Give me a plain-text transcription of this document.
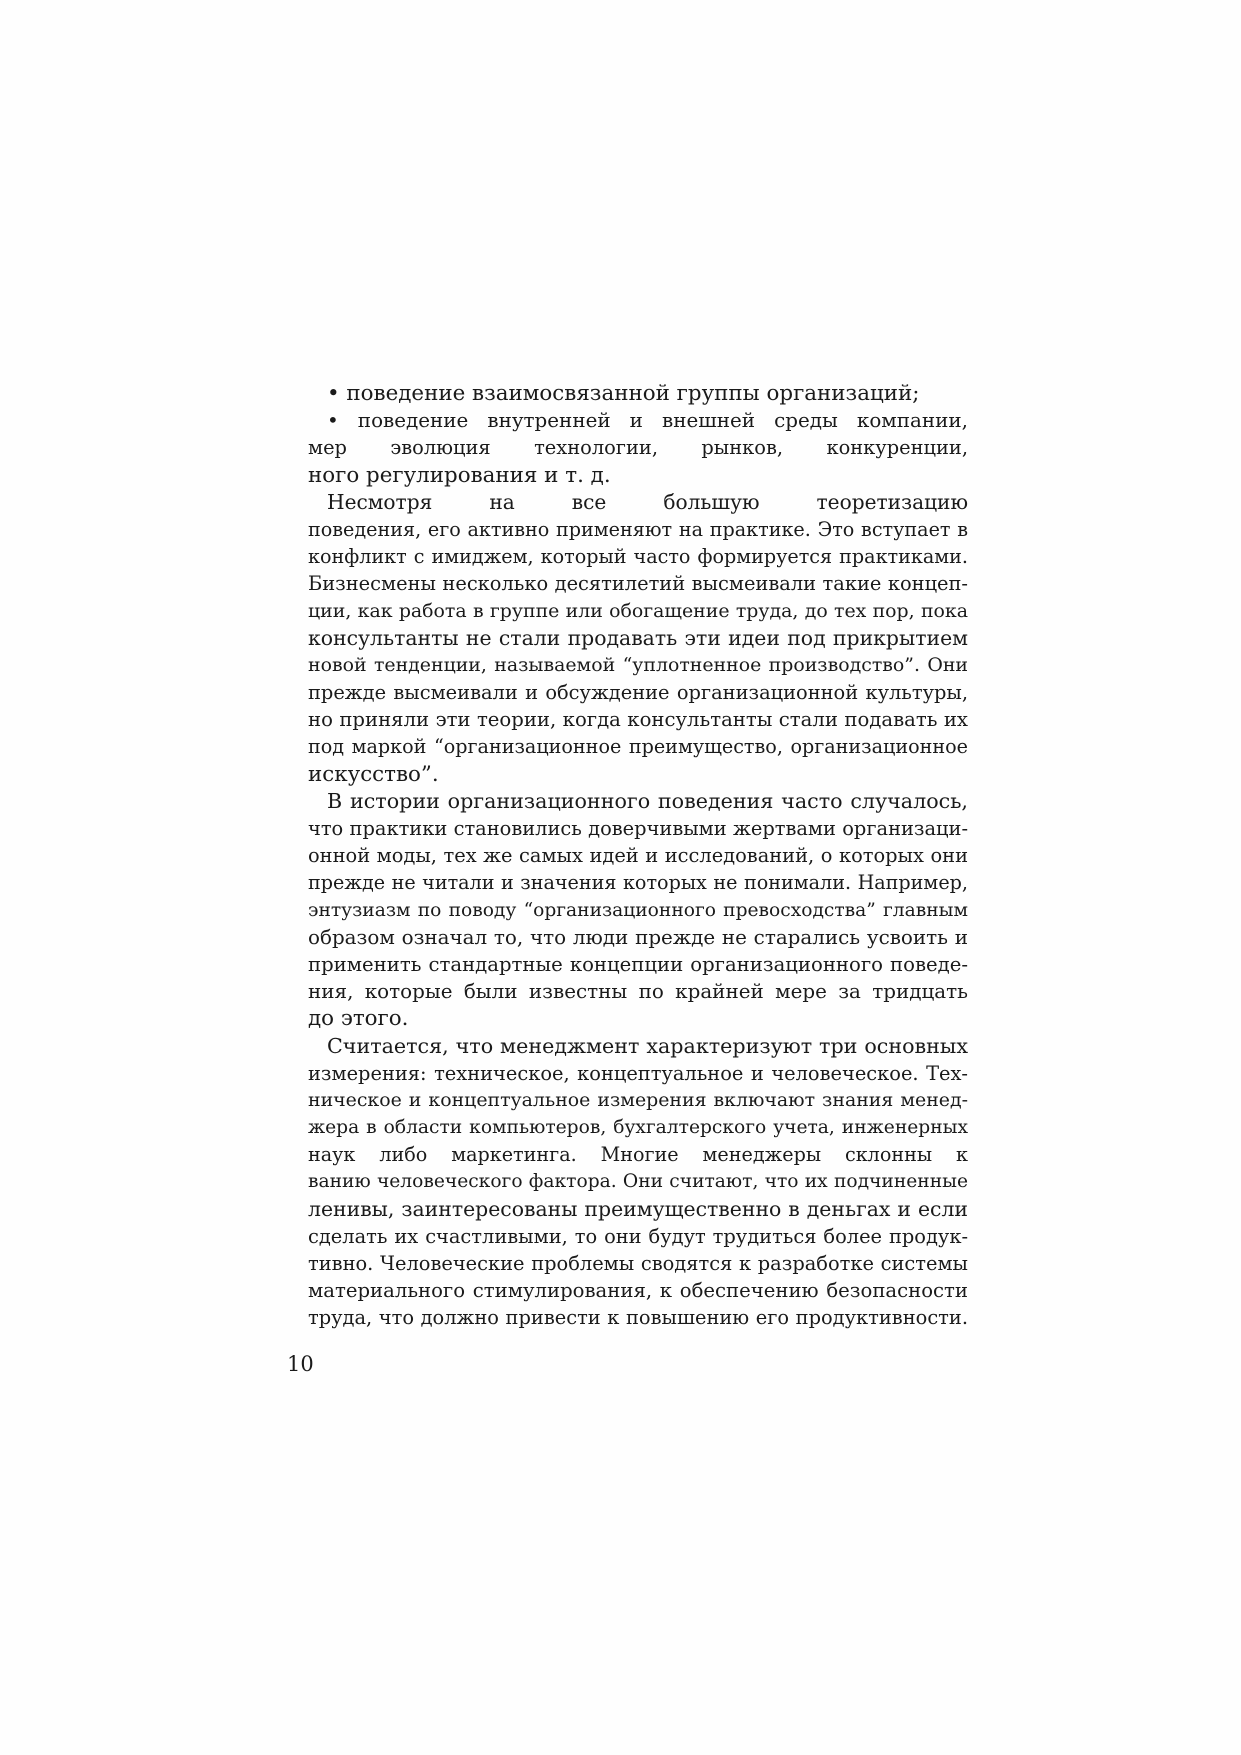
• поведение взаимосвязанной группы организаций;
• поведение внутренней и внешней среды компании,
мер эволюция технологии, рынков, конкуренции,
ного регулирования и т. д.
Несмотря на все большую теоретизацию
поведения, его активно применяют на практике. Это вступает в
конфликт с имиджем, который часто формируется практиками.
Бизнесмены несколько десятилетий высмеивали такие концеп-
ции, как работа в группе или обогащение труда, до тех пор, пока
консультанты не стали продавать эти идеи под прикрытием
новой тенденции, называемой “уплотненное производство”. Они
прежде высмеивали и обсуждение организационной культуры,
но приняли эти теории, когда консультанты стали подавать их
под маркой “организационное преимущество, организационное
искусство”.
В истории организационного поведения часто случалось,
что практики становились доверчивыми жертвами организаци-
онной моды, тех же самых идей и исследований, о которых они
прежде не читали и значения которых не понимали. Например,
энтузиазм по поводу “организационного превосходства” главным
образом означал то, что люди прежде не старались усвоить и
применить стандартные концепции организационного поведе-
ния, которые были известны по крайней мере за тридцать
до этого.
Считается, что менеджмент характеризуют три основных
измерения: техническое, концептуальное и человеческое. Тех-
ническое и концептуальное измерения включают знания менед-
жера в области компьютеров, бухгалтерского учета, инженерных
наук либо маркетинга. Многие менеджеры склонны к
ванию человеческого фактора. Они считают, что их подчиненные
ленивы, заинтересованы преимущественно в деньгах и если
сделать их счастливыми, то они будут трудиться более продук-
тивно. Человеческие проблемы сводятся к разработке системы
материального стимулирования, к обеспечению безопасности
труда, что должно привести к повышению его продуктивности.
10
